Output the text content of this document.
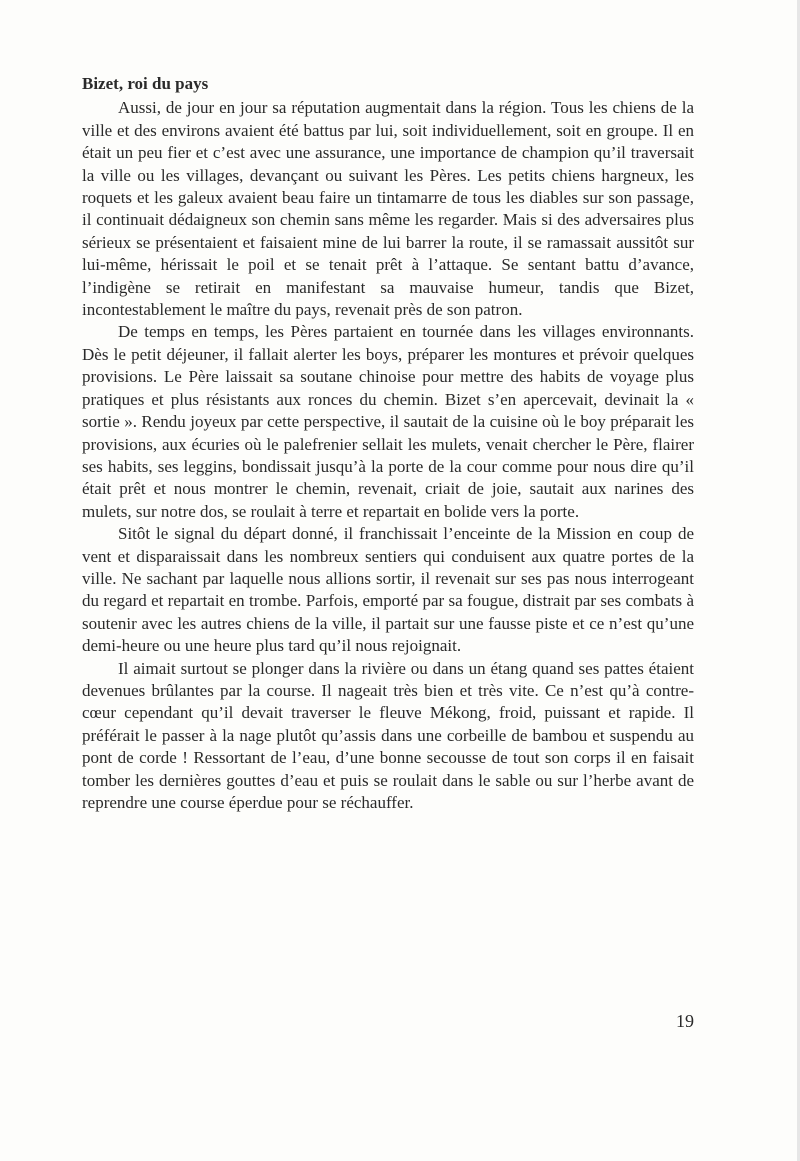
Bizet, roi du pays

Aussi, de jour en jour sa réputation augmentait dans la région. Tous les chiens de la ville et des environs avaient été battus par lui, soit individuellement, soit en groupe. Il en était un peu fier et c’est avec une assurance, une importance de champion qu’il traversait la ville ou les villages, devançant ou suivant les Pères. Les petits chiens hargneux, les roquets et les galeux avaient beau faire un tintamarre de tous les diables sur son passage, il continuait dédaigneux son chemin sans même les regarder. Mais si des adversaires plus sérieux se présentaient et faisaient mine de lui barrer la route, il se ramassait aussitôt sur lui-même, hérissait le poil et se tenait prêt à l’attaque. Se sentant battu d’avance, l’indigène se retirait en manifestant sa mauvaise humeur, tandis que Bizet, incontestablement le maître du pays, revenait près de son patron.

De temps en temps, les Pères partaient en tournée dans les villages environnants. Dès le petit déjeuner, il fallait alerter les boys, préparer les montures et prévoir quelques provisions. Le Père laissait sa soutane chinoise pour mettre des habits de voyage plus pratiques et plus résistants aux ronces du chemin. Bizet s’en apercevait, devinait la « sortie ». Rendu joyeux par cette perspective, il sautait de la cuisine où le boy préparait les provisions, aux écuries où le palefrenier sellait les mulets, venait chercher le Père, flairer ses habits, ses leggins, bondissait jusqu’à la porte de la cour comme pour nous dire qu’il était prêt et nous montrer le chemin, revenait, criait de joie, sautait aux narines des mulets, sur notre dos, se roulait à terre et repartait en bolide vers la porte.

Sitôt le signal du départ donné, il franchissait l’enceinte de la Mission en coup de vent et disparaissait dans les nombreux sentiers qui conduisent aux quatre portes de la ville. Ne sachant par laquelle nous allions sortir, il revenait sur ses pas nous interrogeant du regard et repartait en trombe. Parfois, emporté par sa fougue, distrait par ses combats à soutenir avec les autres chiens de la ville, il partait sur une fausse piste et ce n’est qu’une demi-heure ou une heure plus tard qu’il nous rejoignait.

Il aimait surtout se plonger dans la rivière ou dans un étang quand ses pattes étaient devenues brûlantes par la course. Il nageait très bien et très vite. Ce n’est qu’à contre-cœur cependant qu’il devait traverser le fleuve Mékong, froid, puissant et rapide. Il préférait le passer à la nage plutôt qu’assis dans une corbeille de bambou et suspendu au pont de corde ! Ressortant de l’eau, d’une bonne secousse de tout son corps il en faisait tomber les dernières gouttes d’eau et puis se roulait dans le sable ou sur l’herbe avant de reprendre une course éperdue pour se réchauffer.

19
